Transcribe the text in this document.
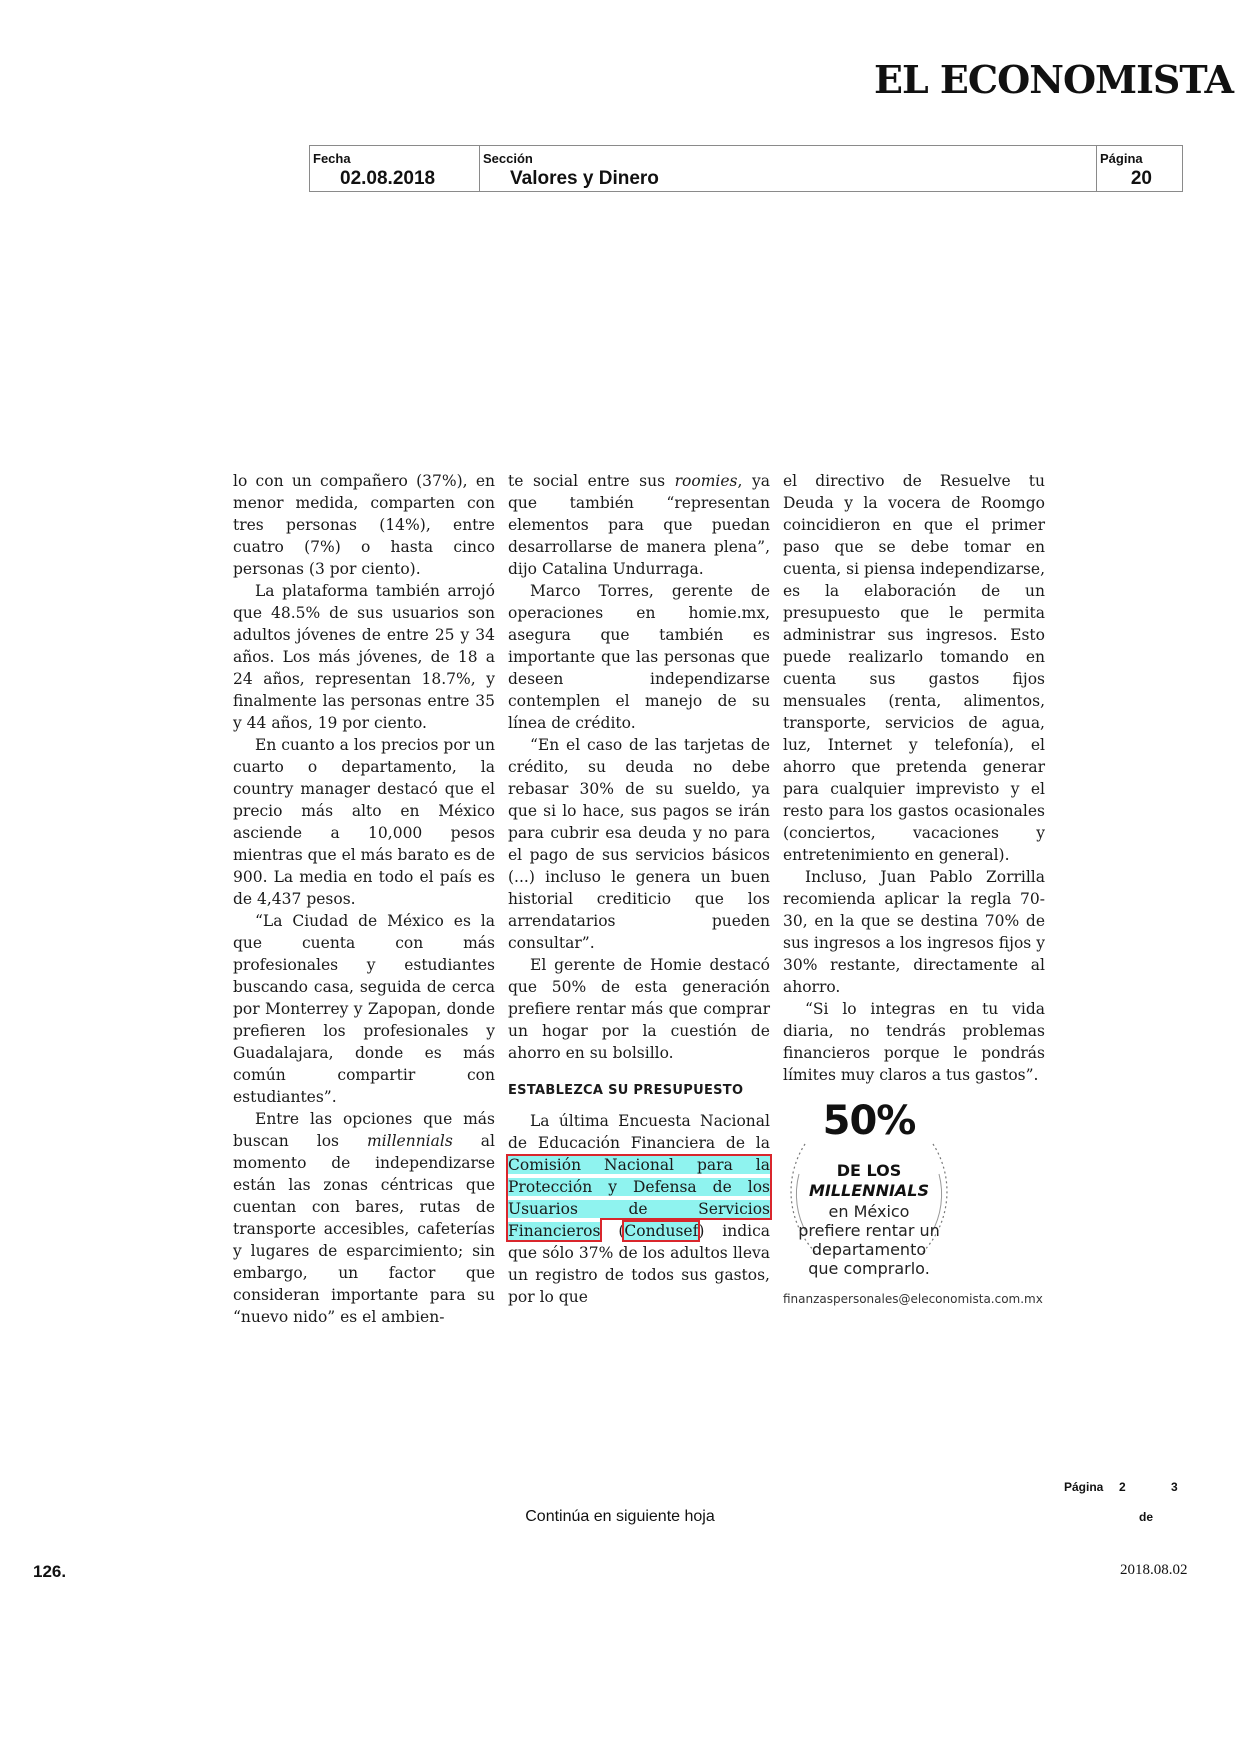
EL ECONOMISTA
Fecha
02.08.2018
Sección
Valores y Dinero
Página
20

lo con un compañero (37%), en menor medida, comparten con tres personas (14%), entre cuatro (7%) o hasta cinco personas (3 por ciento).

La plataforma también arrojó que 48.5% de sus usuarios son adultos jóvenes de entre 25 y 34 años. Los más jóvenes, de 18 a 24 años, representan 18.7%, y finalmente las personas entre 35 y 44 años, 19 por ciento.

En cuanto a los precios por un cuarto o departamento, la country manager destacó que el precio más alto en México asciende a 10,000 pesos mientras que el más barato es de 900. La media en todo el país es de 4,437 pesos.

“La Ciudad de México es la que cuenta con más profesionales y estudiantes buscando casa, seguida de cerca por Monterrey y Zapopan, donde prefieren los profesionales y Guadalajara, donde es más común compartir con estudiantes”.

Entre las opciones que más buscan los millennials al momento de independizarse están las zonas céntricas que cuentan con bares, rutas de transporte accesibles, cafeterías y lugares de esparcimiento; sin embargo, un factor que consideran importante para su “nuevo nido” es el ambien-

te social entre sus roomies, ya que también “representan elementos para que puedan desarrollarse de manera plena”, dijo Catalina Undurraga.

Marco Torres, gerente de operaciones en homie.mx, asegura que también es importante que las personas que deseen independizarse contemplen el manejo de su línea de crédito.

“En el caso de las tarjetas de crédito, su deuda no debe rebasar 30% de su sueldo, ya que si lo hace, sus pagos se irán para cubrir esa deuda y no para el pago de sus servicios básicos (...) incluso le genera un buen historial crediticio que los arrendatarios pueden consultar”.

El gerente de Homie destacó que 50% de esta generación prefiere rentar más que comprar un hogar por la cuestión de ahorro en su bolsillo.

ESTABLEZCA SU PRESUPUESTO

La última Encuesta Nacional de Educación Financiera de la Comisión Nacional para la Protección y Defensa de los Usuarios de Servicios Financieros (Condusef) indica que sólo 37% de los adultos lleva un registro de todos sus gastos, por lo que

el directivo de Resuelve tu Deuda y la vocera de Roomgo coincidieron en que el primer paso que se debe tomar en cuenta, si piensa independizarse, es la elaboración de un presupuesto que le permita administrar sus ingresos. Esto puede realizarlo tomando en cuenta sus gastos fijos mensuales (renta, alimentos, transporte, servicios de agua, luz, Internet y telefonía), el ahorro que pretenda generar para cualquier imprevisto y el resto para los gastos ocasionales (conciertos, vacaciones y entretenimiento en general).

Incluso, Juan Pablo Zorrilla recomienda aplicar la regla 70-30, en la que se destina 70% de sus ingresos a los ingresos fijos y 30% restante, directamente al ahorro.

“Si lo integras en tu vida diaria, no tendrás problemas financieros porque le pondrás límites muy claros a tus gastos”.

50%
DE LOS
MILLENNIALS
en México
prefiere rentar un
departamento
que comprarlo.
finanzaspersonales@eleconomista.com.mx
Página 2	3
de
Continúa en siguiente hoja
126.	2018.08.02
